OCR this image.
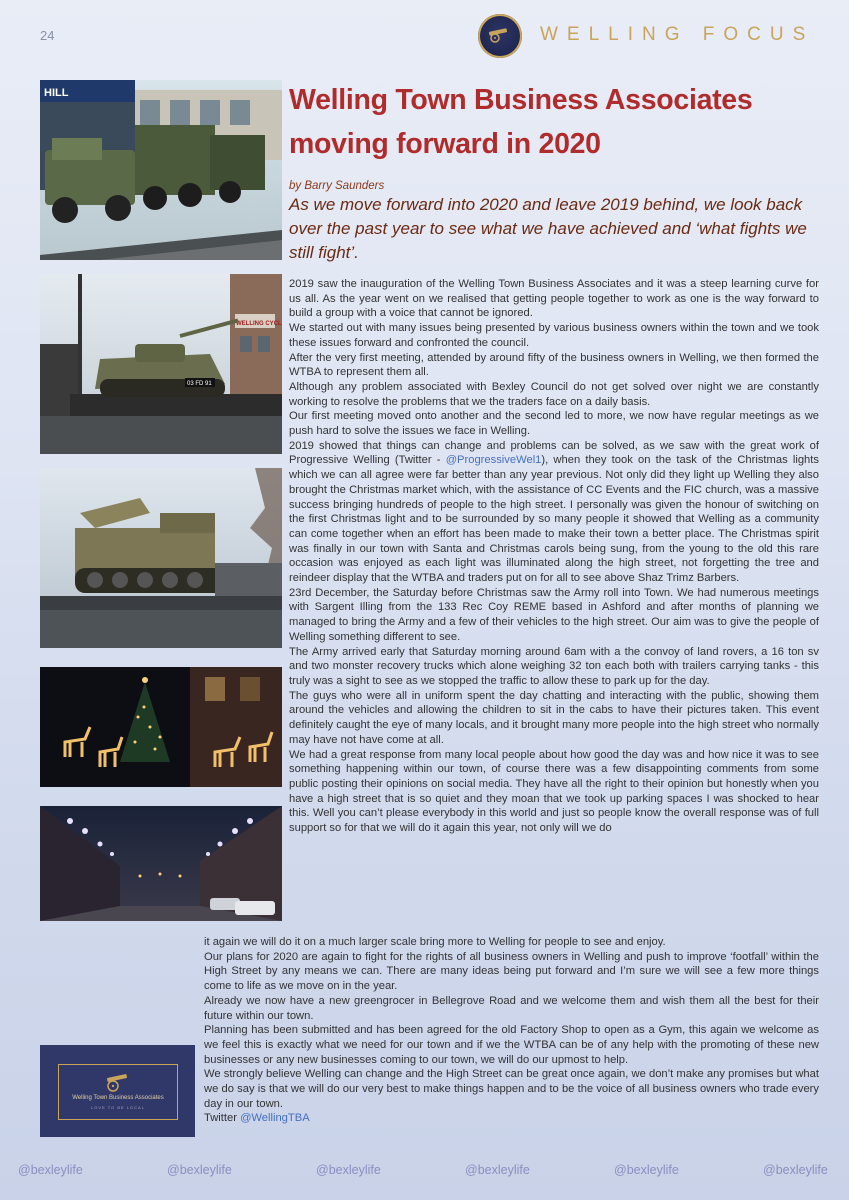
24	WELLING FOCUS
HILL
WELLING CYCL
03 FD 91
Welling Town Business Associates
moving forward in 2020
by Barry Saunders
As we move forward into 2020 and leave 2019 behind, we look back over the past year to see what we have achieved and ‘what fights we still fight’.

2019 saw the inauguration of the Welling Town Business Associates and it was a steep learning curve for us all. As the year went on we realised that getting people together to work as one is the way forward to build a group with a voice that cannot be ignored.

We started out with many issues being presented by various business owners within the town and we took these issues forward and confronted the council.

After the very first meeting, attended by around fifty of the business owners in Welling, we then formed the WTBA to represent them all.

Although any problem associated with Bexley Council do not get solved over night we are constantly working to resolve the problems that we the traders face on a daily basis.

Our first meeting moved onto another and the second led to more, we now have regular meetings as we push hard to solve the issues we face in Welling.

2019 showed that things can change and problems can be solved, as we saw with the great work of Progressive Welling (Twitter - @ProgressiveWel1), when they took on the task of the Christmas lights which we can all agree were far better than any year previous. Not only did they light up Welling they also brought the Christmas market which, with the assistance of CC Events and the FIC church, was a massive success bringing hundreds of people to the high street. I personally was given the honour of switching on the first Christmas light and to be surrounded by so many people it showed that Welling as a community can come together when an effort has been made to make their town a better place. The Christmas spirit was finally in our town with Santa and Christmas carols being sung, from the young to the old this rare occasion was enjoyed as each light was illuminated along the high street, not forgetting the tree and reindeer display that the WTBA and traders put on for all to see above Shaz Trimz Barbers.

23rd December, the Saturday before Christmas saw the Army roll into Town. We had numerous meetings with Sargent Illing from the 133 Rec Coy REME based in Ashford and after months of planning we managed to bring the Army and a few of their vehicles to the high street. Our aim was to give the people of Welling something different to see.

The Army arrived early that Saturday morning around 6am with a the convoy of land rovers, a 16 ton sv and two monster recovery trucks which alone weighing 32 ton each both with trailers carrying tanks - this truly was a sight to see as we stopped the traffic to allow these to park up for the day.

The guys who were all in uniform spent the day chatting and interacting with the public, showing them around the vehicles and allowing the children to sit in the cabs to have their pictures taken. This event definitely caught the eye of many locals, and it brought many more people into the high street who normally may have not have come at all.

We had a great response from many local people about how good the day was and how nice it was to see something happening within our town, of course there was a few disappointing comments from some public posting their opinions on social media. They have all the right to their opinion but honestly when you have a high street that is so quiet and they moan that we took up parking spaces I was shocked to hear this. Well you can’t please everybody in this world and just so people know the overall response was of full support so for that we will do it again this year, not only will we do

it again we will do it on a much larger scale bring more to Welling for people to see and enjoy.

Our plans for 2020 are again to fight for the rights of all business owners in Welling and push to improve ‘footfall’ within the High Street by any means we can. There are many ideas being put forward and I’m sure we will see a few more things come to life as we move on in the year.

Already we now have a new greengrocer in Bellegrove Road and we welcome them and wish them all the best for their future within our town.

Planning has been submitted and has been agreed for the old Factory Shop to open as a Gym, this again we welcome as we feel this is exactly what we need for our town and if we the WTBA can be of any help with the promoting of these new businesses or any new businesses coming to our town, we will do our upmost to help.

We strongly believe Welling can change and the High Street can be great once again, we don’t make any promises but what we do say is that we will do our very best to make things happen and to be the voice of all business owners who trade every day in our town.

Twitter @WellingTBA

Welling Town Business Associates
LOVE TO BE LOCAL
@bexleylife	@bexleylife	@bexleylife	@bexleylife	@bexleylife	@bexleylife
